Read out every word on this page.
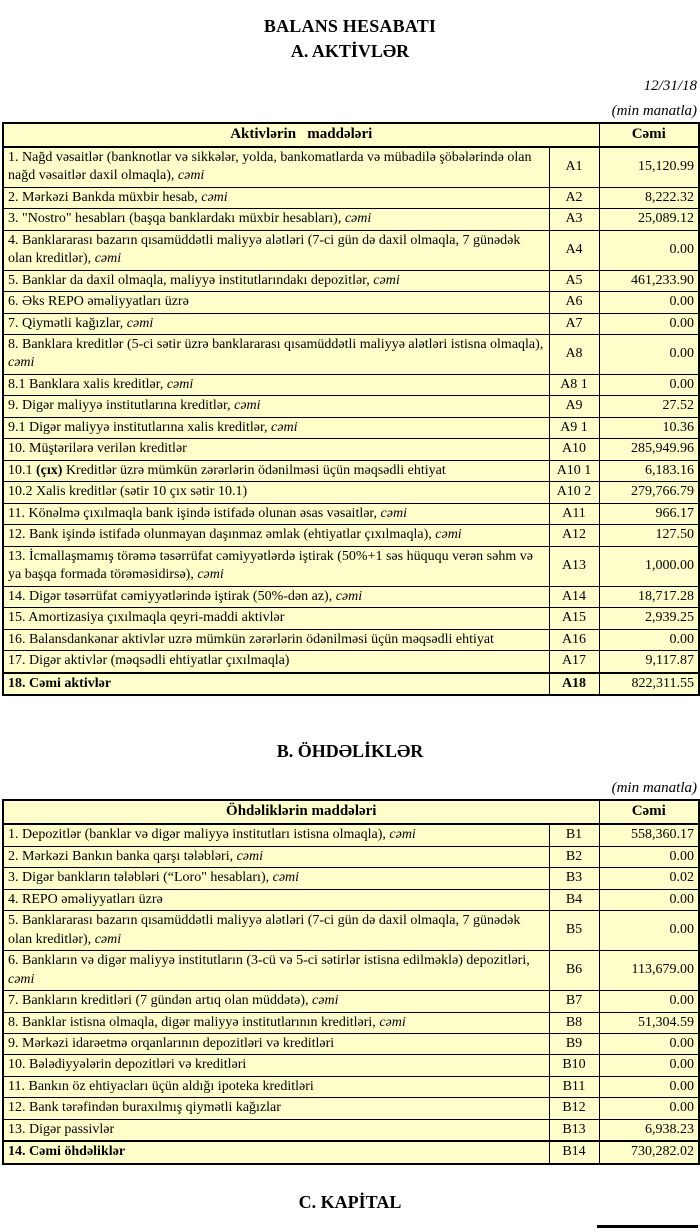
BALANS HESABATI
A. AKTİVLƏR
12/31/18
(min manatla)
Aktivlərin   maddələri		Cəmi
1. Nağd vəsaitlər (banknotlar və sikkələr, yolda, bankomatlarda və mübadilə şöbələrində olan nağd vəsaitlər daxil olmaqla), cəmi	A1	15,120.99
2. Mərkəzi Bankda müxbir hesab, cəmi	A2	8,222.32
3. "Nostro" hesabları (başqa banklardakı müxbir hesabları), cəmi	A3	25,089.12
4. Banklararası bazarın qısamüddətli maliyyə alətləri (7-ci gün də daxil olmaqla, 7 günədək olan kreditlər), cəmi	A4	0.00
5. Banklar da daxil olmaqla, maliyyə institutlarındakı depozitlər, cəmi	A5	461,233.90
6. Əks REPO əməliyyatları üzrə	A6	0.00
7. Qiymətli kağızlar, cəmi	A7	0.00
8. Banklara kreditlər (5-ci sətir üzrə banklararası qısamüddətli maliyyə alətləri istisna olmaqla), cəmi	A8	0.00
8.1 Banklara xalis kreditlər, cəmi	A8 1	0.00
9. Digər maliyyə institutlarına kreditlər, cəmi	A9	27.52
9.1 Digər maliyyə institutlarına xalis kreditlər, cəmi	A9 1	10.36
10. Müştərilərə verilən kreditlər	A10	285,949.96
10.1 (çıx) Kreditlər üzrə mümkün zərərlərin ödənilməsi üçün məqsədli ehtiyat	A10 1	6,183.16
10.2 Xalis kreditlər (sətir 10 çıx sətir 10.1)	A10 2	279,766.79
11. Könəlmə çıxılmaqla bank işində istifadə olunan əsas vəsaitlər, cəmi	A11	966.17
12. Bank işində istifadə olunmayan daşınmaz əmlak (ehtiyatlar çıxılmaqla), cəmi	A12	127.50
13. İcmallaşmamış törəmə təsərrüfat cəmiyyətlərdə iştirak (50%+1 səs hüququ verən səhm və ya başqa formada törəməsidirsə), cəmi	A13	1,000.00
14. Digər təsərrüfat cəmiyyətlərində iştirak (50%-dən az), cəmi	A14	18,717.28
15. Amortizasiya çıxılmaqla qeyri-maddi aktivlər	A15	2,939.25
16. Balansdankənar aktivlər uzrə mümkün zərərlərin ödənilməsi üçün məqsədli ehtiyat	A16	0.00
17. Digər aktivlər (məqsədli ehtiyatlar çıxılmaqla)	A17	9,117.87
18. Cəmi aktivlər	A18	822,311.55
B. ÖHDƏLİKLƏR
(min manatla)
Öhdəliklərin maddələri		Cəmi
1. Depozitlər (banklar və digər maliyyə institutları istisna olmaqla), cəmi	B1	558,360.17
2. Mərkəzi Bankın banka qarşı tələbləri, cəmi	B2	0.00
3. Digər bankların tələbləri (“Loro" hesabları), cəmi	B3	0.02
4. REPO əməliyyatları üzrə	B4	0.00
5. Banklararası bazarın qısamüddətli maliyyə alətləri (7-ci gün də daxil olmaqla, 7 günədək olan kreditlər), cəmi	B5	0.00
6. Bankların və digər maliyyə institutların (3-cü və 5-ci sətirlər istisna edilməklə) depozitləri, cəmi	B6	113,679.00
7. Bankların kreditləri (7 gündən artıq olan müddətə), cəmi	B7	0.00
8. Banklar istisna olmaqla, digər maliyyə institutlarının kreditləri, cəmi	B8	51,304.59
9. Mərkəzi idarəetmə orqanlarının depozitləri və kreditləri	B9	0.00
10. Bələdiyyələrin depozitləri və kreditləri	B10	0.00
11. Bankın öz ehtiyacları üçün aldığı ipoteka kreditləri	B11	0.00
12. Bank tərəfindən buraxılmış qiymətli kağızlar	B12	0.00
13. Digər passivlər	B13	6,938.23
14. Cəmi öhdəliklər	B14	730,282.02
C. KAPİTAL
